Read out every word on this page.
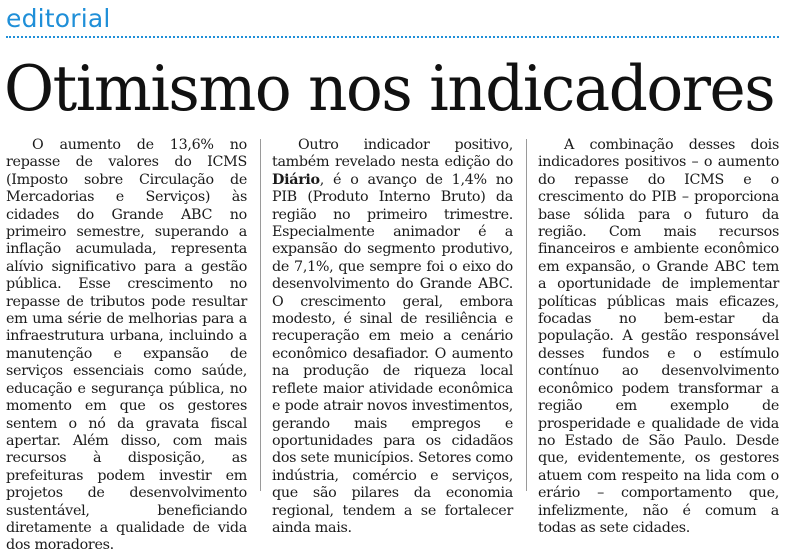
editorial
Otimismo nos indicadores

O aumento de 13,6% no repasse de valores do ICMS (Imposto sobre Circulação de Mercadorias e Serviços) às cidades do Grande ABC no primeiro semestre, superando a inflação acumulada, representa alívio significativo para a gestão pública. Esse crescimento no repasse de tributos pode resultar em uma série de melhorias para a infraestrutura urbana, incluindo a manutenção e expansão de serviços essenciais como saúde, educação e segurança pública, no momento em que os gestores sentem o nó da gravata fiscal apertar. Além disso, com mais recursos à disposição, as prefeituras podem investir em projetos de desenvolvimento sustentável, beneficiando diretamente a qualidade de vida dos moradores.

Outro indicador positivo, também revelado nesta edição do Diário, é o avanço de 1,4% no PIB (Produto Interno Bruto) da região no primeiro trimestre. Especialmente animador é a expansão do segmento produtivo, de 7,1%, que sempre foi o eixo do desenvolvimento do Grande ABC. O crescimento geral, embora modesto, é sinal de resiliência e recuperação em meio a cenário econômico desafiador. O aumento na produção de riqueza local reflete maior atividade econômica e pode atrair novos investimentos, gerando mais empregos e oportunidades para os cidadãos dos sete municípios. Setores como indústria, comércio e serviços, que são pilares da economia regional, tendem a se fortalecer ainda mais.

A combinação desses dois indicadores positivos – o aumento do repasse do ICMS e o crescimento do PIB – proporciona base sólida para o futuro da região. Com mais recursos financeiros e ambiente econômico em expansão, o Grande ABC tem a oportunidade de implementar políticas públicas mais eficazes, focadas no bem-estar da população. A gestão responsável desses fundos e o estímulo contínuo ao desenvolvimento econômico podem transformar a região em exemplo de prosperidade e qualidade de vida no Estado de São Paulo. Desde que, evidentemente, os gestores atuem com respeito na lida com o erário – comportamento que, infelizmente, não é comum a todas as sete cidades.
